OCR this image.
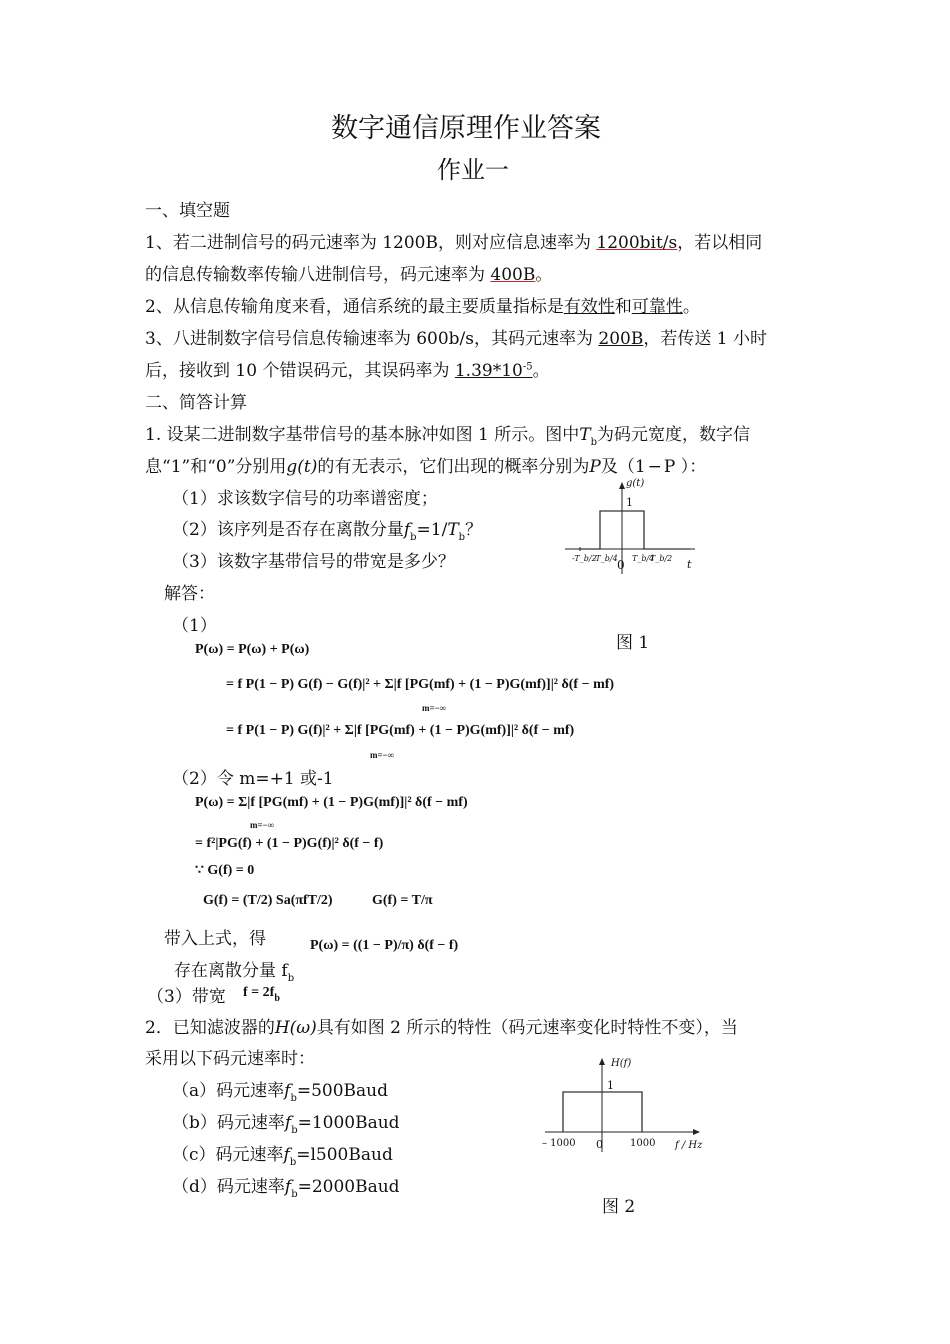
数字通信原理作业答案
作业一
一、填空题
1、若二进制信号的码元速率为 1200B，则对应信息速率为 1200bit/s，若以相同
的信息传输数率传输八进制信号，码元速率为 400B。
2、从信息传输角度来看，通信系统的最主要质量指标是有效性和可靠性。
3、八进制数字信号信息传输速率为 600b/s，其码元速率为 200B，若传送 1 小时
后，接收到 10 个错误码元，其误码率为 $1.39*10^{-5}$。
二、简答计算
1. 设某二进制数字基带信号的基本脉冲如图 1 所示。图中$T_b$为码元宽度，数字信
息“1”和“0”分别用g(t)的有无表示，它们出现的概率分别为P及（1 − P ）：
（1）求该数字信号的功率谱密度；
（2）该序列是否存在离散分量$f_b=1/T_b$？
（3）该数字基带信号的带宽是多少？
解答：
（1）
g(t)
1
-T_b/2
-T_b/4 0 T_b/4
T_b/2 t
图 1
P(ω) = P(ω) + P(ω)
= f P(1 − P) G(f) − G(f)|² + Σ|f [PG(mf) + (1 − P)G(mf)]|² δ(f − mf)
m=−∞
= f P(1 − P) G(f)|² + Σ|f [PG(mf) + (1 − P)G(mf)]|² δ(f − mf)
m=−∞
（2）令 m=+1 或-1
P(ω) = Σ|f [PG(mf) + (1 − P)G(mf)]|² δ(f − mf)
m=−∞
= f²|PG(f) + (1 − P)G(f)|² δ(f − f)
∵ G(f) = 0
G(f) = (T/2) Sa(πfT/2)	G(f) = T/π
带入上式，得	P(ω) = ((1 − P)/π) δ(f − f)
存在离散分量 $f_b$
（3）带宽 $f = 2f_b$
2．已知滤波器的H(ω)具有如图 2 所示的特性（码元速率变化时特性不变），当
采用以下码元速率时：
（a）码元速率$f_b=500Baud$
（b）码元速率$f_b=1000Baud$
（c）码元速率$f_b=l500Baud$
（d）码元速率$f_b=2000Baud$
H(f)
1
– 1000 0	1000 f / Hz
图 2
